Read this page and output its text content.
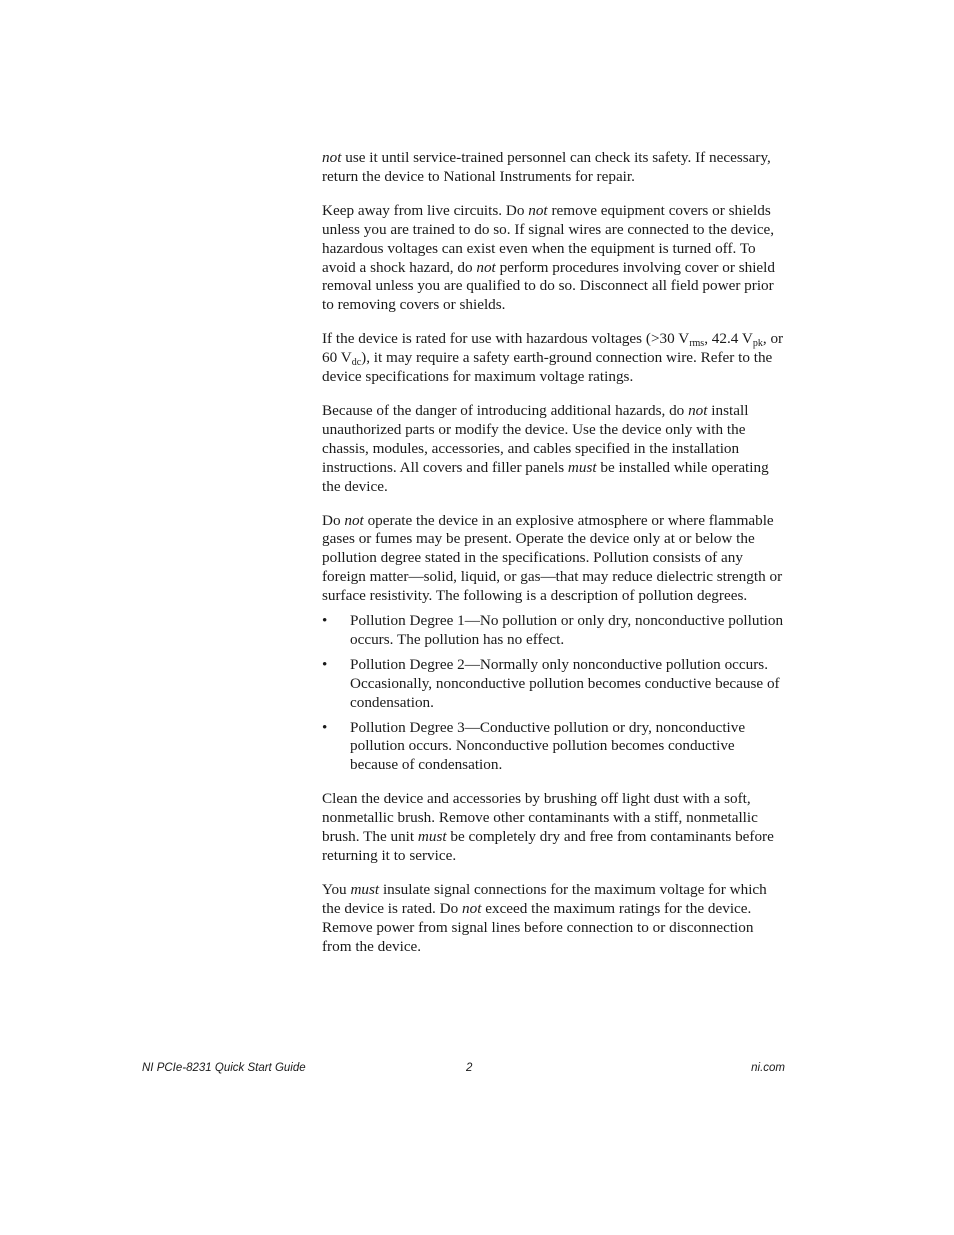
not use it until service-trained personnel can check its safety. If necessary, return the device to National Instruments for repair.

Keep away from live circuits. Do not remove equipment covers or shields unless you are trained to do so. If signal wires are connected to the device, hazardous voltages can exist even when the equipment is turned off. To avoid a shock hazard, do not perform procedures involving cover or shield removal unless you are qualified to do so. Disconnect all field power prior to removing covers or shields.

If the device is rated for use with hazardous voltages (>30 $V_{rms}$, 42.4 $V_{pk}$, or 60 $V_{dc}$), it may require a safety earth-ground connection wire. Refer to the device specifications for maximum voltage ratings.

Because of the danger of introducing additional hazards, do not install unauthorized parts or modify the device. Use the device only with the chassis, modules, accessories, and cables specified in the installation instructions. All covers and filler panels must be installed while operating the device.

Do not operate the device in an explosive atmosphere or where flammable gases or fumes may be present. Operate the device only at or below the pollution degree stated in the specifications. Pollution consists of any foreign matter—solid, liquid, or gas—that may reduce dielectric strength or surface resistivity. The following is a description of pollution degrees.

• Pollution Degree 1—No pollution or only dry, nonconductive pollution occurs. The pollution has no effect.
• Pollution Degree 2—Normally only nonconductive pollution occurs. Occasionally, nonconductive pollution becomes conductive because of condensation.
• Pollution Degree 3—Conductive pollution or dry, nonconductive pollution occurs. Nonconductive pollution becomes conductive because of condensation.

Clean the device and accessories by brushing off light dust with a soft, nonmetallic brush. Remove other contaminants with a stiff, nonmetallic brush. The unit must be completely dry and free from contaminants before returning it to service.

You must insulate signal connections for the maximum voltage for which the device is rated. Do not exceed the maximum ratings for the device. Remove power from signal lines before connection to or disconnection from the device.

NI PCIe-8231 Quick Start Guide	2	ni.com
